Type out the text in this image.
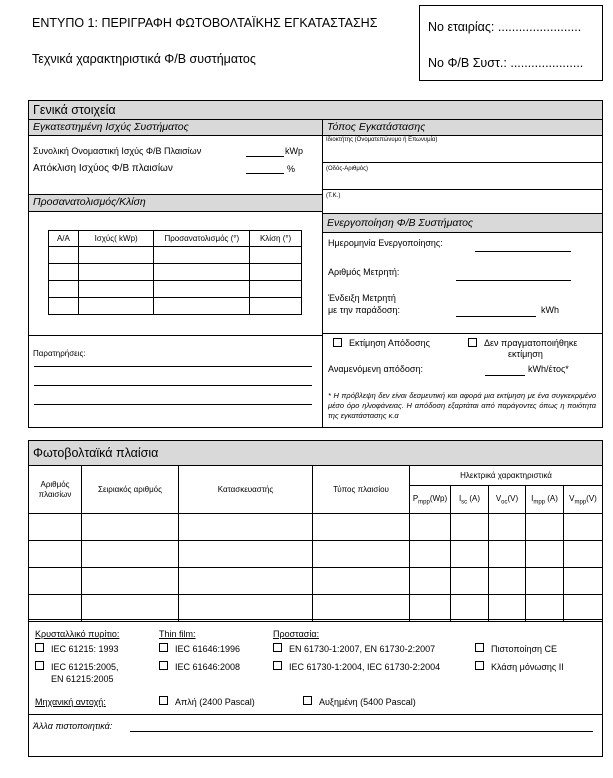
ΕΝΤΥΠΟ 1: ΠΕΡΙΓΡΑΦΗ ΦΩΤΟΒΟΛΤΑΪΚΗΣ ΕΓΚΑΤΑΣΤΑΣΗΣ
Τεχνικά χαρακτηριστικά Φ/Β συστήματος
Νο εταιρίας: ........................
Νο Φ/Β Συστ.: .....................
Γενικά στοιχεία
Εγκατεστημένη Ισχύς Συστήματος
Συνολική Ονομαστική Ισχύς Φ/Β Πλαισίων	kWp
Απόκλιση Ισχύος Φ/Β πλαισίων	%
Τόπος Εγκατάστασης
Ιδιοκτήτης (Ονοματεπώνυμο ή Επωνυμία)
(Οδός-Αριθμός)
(Τ.Κ.)
Προσανατολισμός/Κλίση
Α/Α	Ισχύς( kWp)	Προσανατολισμός (°)	Κλίση (°)

Παρατηρήσεις:
Ενεργοποίηση Φ/Β Συστήματος
Ημερομηνία Ενεργοποίησης:
Αριθμός Μετρητή:
Ένδειξη Μετρητή
με την παράδοση:	kWh
Εκτίμηση Απόδοσης	Δεν πραγματοποιήθηκε
εκτίμηση
Αναμενόμενη απόδοση:	kWh/έτος*
* Η πρόβλεψη δεν είναι δεσμευτική και αφορά μια εκτίμηση με ένα συγκεκριμένο μέσο όρο ηλιοφάνειας. Η απόδοση εξαρτάται από παράγοντες όπως η ποιότητα της εγκατάστασης κ.α
Φωτοβολταϊκά πλαίσια
Αριθμός
πλαισίων	Σειριακός αριθμός	Κατασκευαστής	Τύπος πλαισίου	Ηλεκτρικά χαρακτηριστικά				
				$P_{mpp}(Wp)$	$I_{sc}$ (A)	$V_{oc}(V)$	$I_{mpp}$ (A)	$V_{mpp}(V)$

Κρυσταλλικό πυρίτιο:
IEC 61215: 1993
IEC 61215:2005,
EN 61215:2005
Thin film:
IEC 61646:1996
IEC 61646:2008
Προστασία:
EN 61730-1:2007, EN 61730-2:2007
IEC 61730-1:2004, IEC 61730-2:2004
Πιστοποίηση CE
Κλάση μόνωσης II
Μηχανική αντοχή:	Απλή (2400 Pascal)	Αυξημένη (5400 Pascal)
Άλλα πιστοποιητικά:
